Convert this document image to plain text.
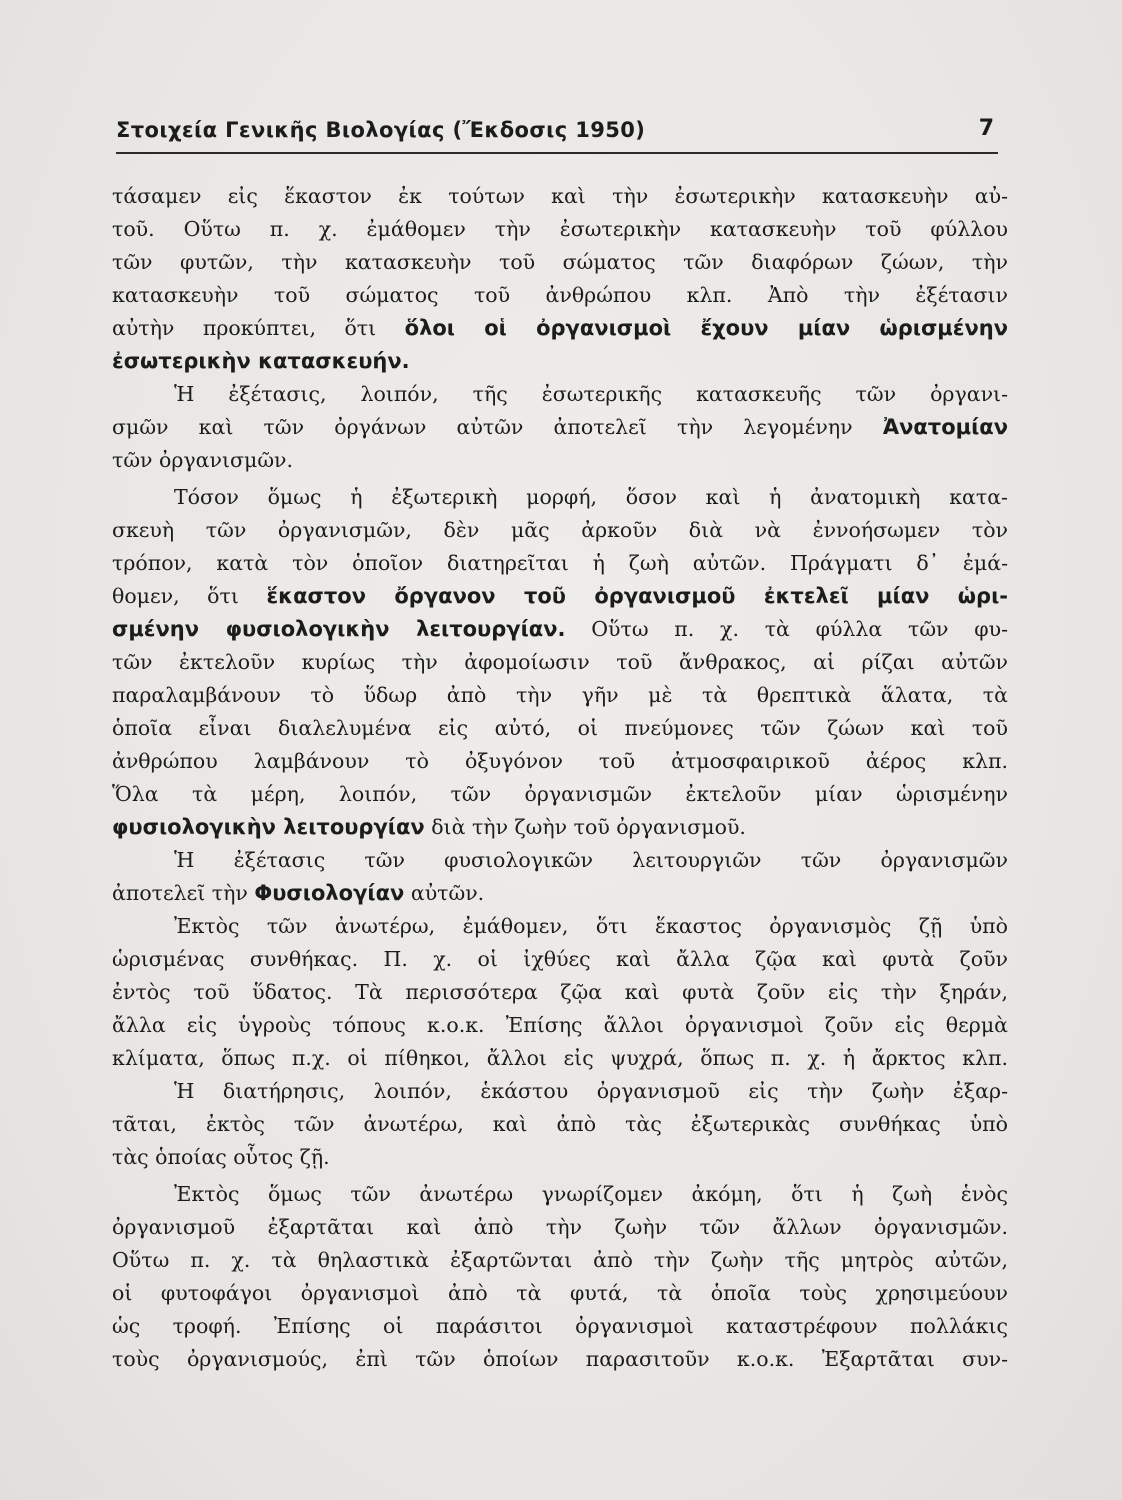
Στοιχεία Γενικῆς Βιολογίας (Ἔκδοσις 1950)	7
τάσαμεν εἰς ἕκαστον ἐκ τούτων καὶ τὴν ἐσωτερικὴν κατασκευὴν αὐ-
τοῦ. Οὕτω π. χ. ἐμάθομεν τὴν ἐσωτερικὴν κατασκευὴν τοῦ φύλλου
τῶν φυτῶν, τὴν κατασκευὴν τοῦ σώματος τῶν διαφόρων ζώων, τὴν
κατασκευὴν τοῦ σώματος τοῦ ἀνθρώπου κλπ. Ἀπὸ τὴν ἐξέτασιν
αὐτὴν προκύπτει, ὅτι ὅλοι οἱ ὀργανισμοὶ ἔχουν μίαν ὡρισμένην
ἐσωτερικὴν κατασκευήν.
Ἡ ἐξέτασις, λοιπόν, τῆς ἐσωτερικῆς κατασκευῆς τῶν ὀργανι-
σμῶν καὶ τῶν ὀργάνων αὐτῶν ἀποτελεῖ τὴν λεγομένην Ἀνατομίαν
τῶν ὀργανισμῶν.
Τόσον ὅμως ἡ ἐξωτερικὴ μορφή, ὅσον καὶ ἡ ἀνατομικὴ κατα-
σκευὴ τῶν ὀργανισμῶν, δὲν μᾶς ἀρκοῦν διὰ νὰ ἐννοήσωμεν τὸν
τρόπον, κατὰ τὸν ὁποῖον διατηρεῖται ἡ ζωὴ αὐτῶν. Πράγματι δ᾿ ἐμά-
θομεν, ὅτι ἕκαστον ὄργανον τοῦ ὀργανισμοῦ ἐκτελεῖ μίαν ὡρι-
σμένην φυσιολογικὴν λειτουργίαν. Οὕτω π. χ. τὰ φύλλα τῶν φυ-
τῶν ἐκτελοῦν κυρίως τὴν ἀφομοίωσιν τοῦ ἄνθρακος, αἱ ρίζαι αὐτῶν
παραλαμβάνουν τὸ ὕδωρ ἀπὸ τὴν γῆν μὲ τὰ θρεπτικὰ ἅλατα, τὰ
ὁποῖα εἶναι διαλελυμένα εἰς αὐτό, οἱ πνεύμονες τῶν ζώων καὶ τοῦ
ἀνθρώπου λαμβάνουν τὸ ὀξυγόνον τοῦ ἀτμοσφαιρικοῦ ἀέρος κλπ.
Ὅλα τὰ μέρη, λοιπόν, τῶν ὀργανισμῶν ἐκτελοῦν μίαν ὡρισμένην
φυσιολογικὴν λειτουργίαν διὰ τὴν ζωὴν τοῦ ὀργανισμοῦ.
Ἡ ἐξέτασις τῶν φυσιολογικῶν λειτουργιῶν τῶν ὀργανισμῶν
ἀποτελεῖ τὴν Φυσιολογίαν αὐτῶν.
Ἐκτὸς τῶν ἀνωτέρω, ἐμάθομεν, ὅτι ἕκαστος ὀργανισμὸς ζῇ ὑπὸ
ὡρισμένας συνθήκας. Π. χ. οἱ ἰχθύες καὶ ἄλλα ζῷα καὶ φυτὰ ζοῦν
ἐντὸς τοῦ ὕδατος. Τὰ περισσότερα ζῷα καὶ φυτὰ ζοῦν εἰς τὴν ξηράν,
ἄλλα εἰς ὑγροὺς τόπους κ.ο.κ. Ἐπίσης ἄλλοι ὀργανισμοὶ ζοῦν εἰς θερμὰ
κλίματα, ὅπως π.χ. οἱ πίθηκοι, ἄλλοι εἰς ψυχρά, ὅπως π. χ. ἡ ἄρκτος κλπ.
Ἡ διατήρησις, λοιπόν, ἑκάστου ὀργανισμοῦ εἰς τὴν ζωὴν ἐξαρ-
τᾶται, ἐκτὸς τῶν ἀνωτέρω, καὶ ἀπὸ τὰς ἐξωτερικὰς συνθήκας ὑπὸ
τὰς ὁποίας οὗτος ζῇ.
Ἐκτὸς ὅμως τῶν ἀνωτέρω γνωρίζομεν ἀκόμη, ὅτι ἡ ζωὴ ἑνὸς
ὀργανισμοῦ ἐξαρτᾶται καὶ ἀπὸ τὴν ζωὴν τῶν ἄλλων ὀργανισμῶν.
Οὕτω π. χ. τὰ θηλαστικὰ ἐξαρτῶνται ἀπὸ τὴν ζωὴν τῆς μητρὸς αὐτῶν,
οἱ φυτοφάγοι ὀργανισμοὶ ἀπὸ τὰ φυτά, τὰ ὁποῖα τοὺς χρησιμεύουν
ὡς τροφή. Ἐπίσης οἱ παράσιτοι ὀργανισμοὶ καταστρέφουν πολλάκις
τοὺς ὀργανισμούς, ἐπὶ τῶν ὁποίων παρασιτοῦν κ.ο.κ. Ἐξαρτᾶται συν-
